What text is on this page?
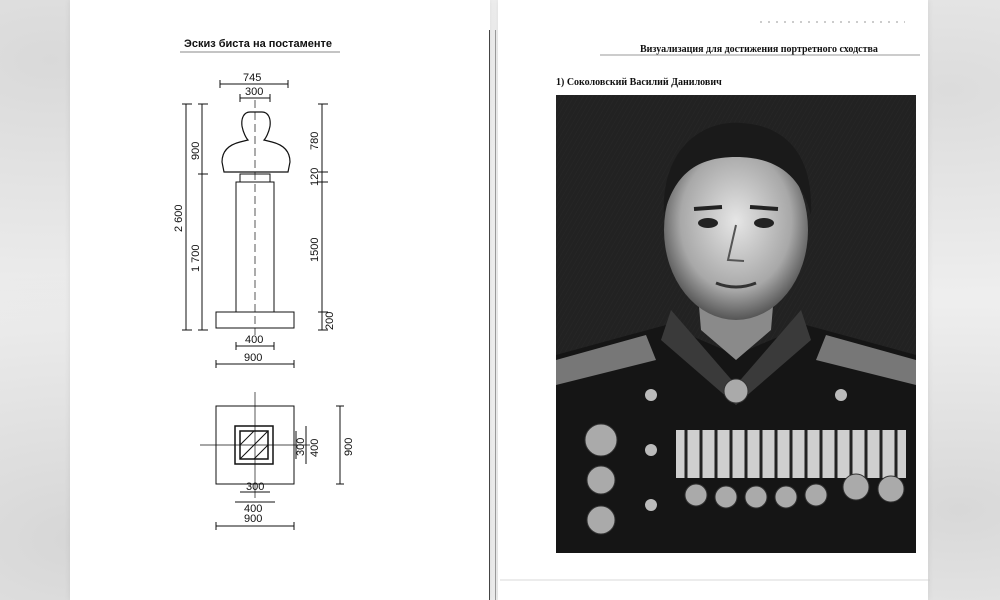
Эскиз биста на постаменте
745
300
2 600
900
1 700
780
120
1500
200
400
900
300 400 900
300
400
900
Визуализация для достижения портретного сходства
1) Соколовский Василий Данилович
